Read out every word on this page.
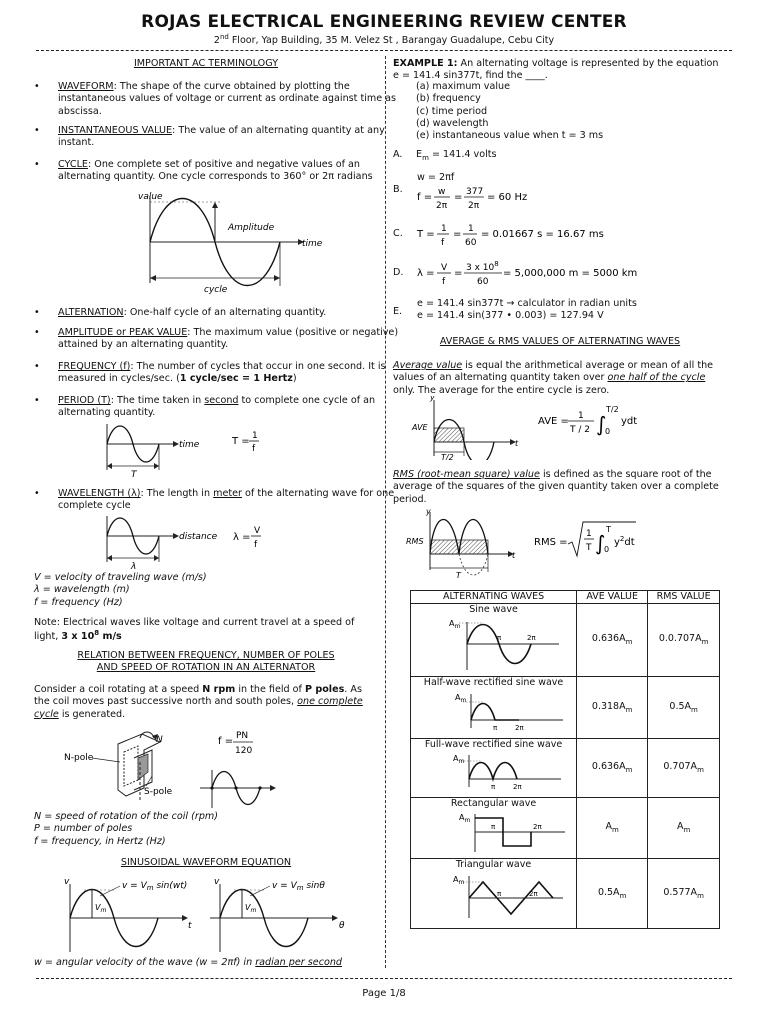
ROJAS ELECTRICAL ENGINEERING REVIEW CENTER
2nd Floor, Yap Building, 35 M. Velez St , Barangay Guadalupe, Cebu City
IMPORTANT AC TERMINOLOGY
• WAVEFORM: The shape of the curve obtained by plotting the instantaneous values of voltage or current as ordinate against time as abscissa.
• INSTANTANEOUS VALUE: The value of an alternating quantity at any instant.
• CYCLE: One complete set of positive and negative values of an alternating quantity. One cycle corresponds to 360° or 2π radians
value
Amplitude
time
cycle
• ALTERNATION: One-half cycle of an alternating quantity.
• AMPLITUDE or PEAK VALUE: The maximum value (positive or negative) attained by an alternating quantity.
• FREQUENCY (f): The number of cycles that occur in one second. It is measured in cycles/sec. (1 cycle/sec = 1 Hertz)
• PERIOD (T): The time taken in second to complete one cycle of an alternating quantity.
time
T
T = 1
f
• WAVELENGTH (λ): The length in meter of the alternating wave for one complete cycle
distance
λ
λ =
V
f
V = velocity of traveling wave (m/s)
λ = wavelength (m)
f = frequency (Hz)
Note: Electrical waves like voltage and current travel at a speed of light, 3 x $10^8$ m/s
RELATION BETWEEN FREQUENCY, NUMBER OF POLES
AND SPEED OF ROTATION IN AN ALTERNATOR
Consider a coil rotating at a speed N rpm in the field of P poles. As the coil moves past successive north and south poles, one complete cycle is generated.
N-pole
S-pole
N	f = PN
120
N = speed of rotation of the coil (rpm)
P = number of poles
f = frequency, in Hertz (Hz)
SINUSOIDAL WAVEFORM EQUATION
v	$v = V_m$ sin(wt)
$V_m$
t
v	$v = V_m$ sinθ
$V_m$
θ
w = angular velocity of the wave (w = 2πf) in radian per second
EXAMPLE 1: An alternating voltage is represented by the equation e = 141.4 sin377t, find the ____.
(a) maximum value
(b) frequency
(c) time period
(d) wavelength
(e) instantaneous value when t = 3 ms
A. $E_m = 141.4$ volts
w = 2πf
B.
f = w
2π
= 377
2π
= 60 Hz
C. T = 1
f
= 1
60
= 0.01667 s = 16.67 ms
D. λ = V
f
= 3 x $10^8$
60
= 5,000,000 m = 5000 km
E.
e = 141.4 sin377t → calculator in radian units
e = 141.4 sin(377 • 0.003) = 127.94 V
AVERAGE & RMS VALUES OF ALTERNATING WAVES
Average value is equal the arithmetical average or mean of all the values of an alternating quantity taken over one half of the cycle only. The average for the entire cycle is zero.
y
AVE
t
T/2
AVE = 1
T / 2 ∫
T/2
0
ydt
RMS (root-mean square) value is defined as the square root of the average of the squares of the given quantity taken over a complete period.
y
RMS
t
T
RMS =
1
T ∫
T
0
$y^2dt$
ALTERNATING WAVES	AVE VALUE	RMS VALUE

Sine wave
$A_m$
π 2π	$0.636A_m$	$0.0.707A_m$

Half-wave rectified sine wave
$A_m$
π 2π	$0.318A_m$	$0.5A_m$

Full-wave rectified sine wave
$A_m$
π 2π	$0.636A_m$	$0.707A_m$

Rectangular wave
$A_m$
π 2π	$A_m$	$A_m$

Triangular wave
$A_m$
π 2π	$0.5A_m$	$0.577A_m$
Page 1/8
